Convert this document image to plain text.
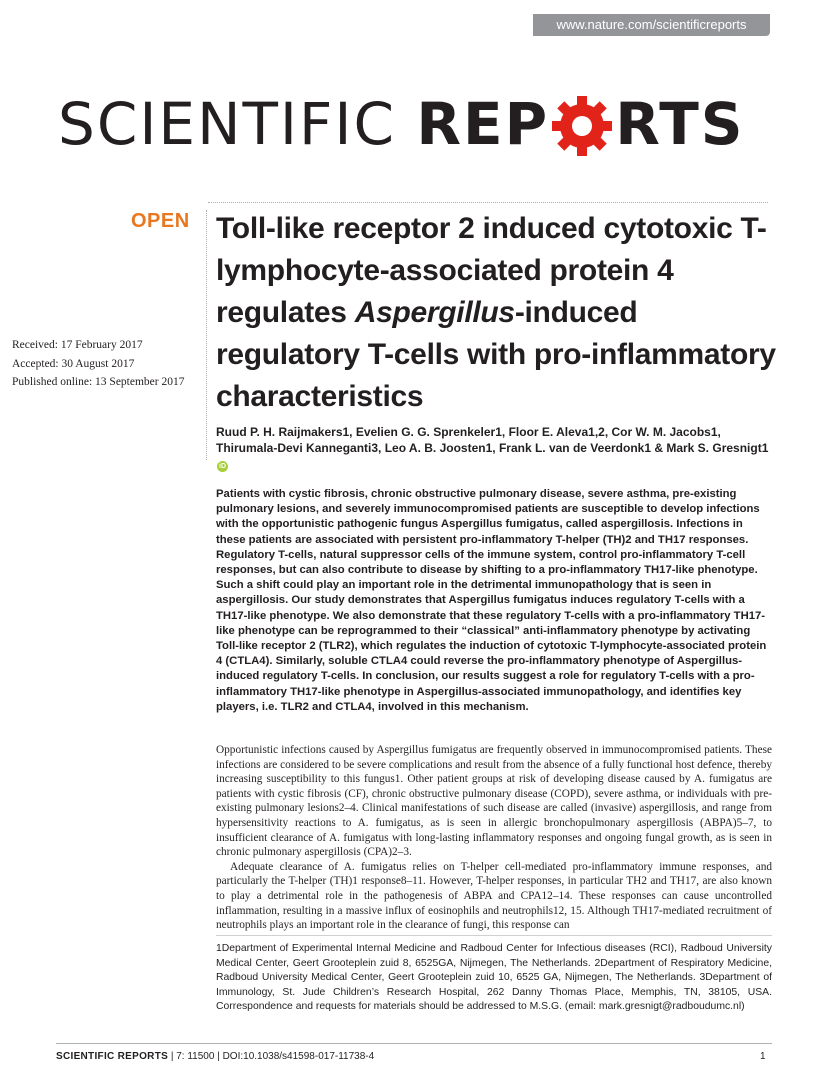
www.nature.com/scientificreports
SCIENTIFIC REP RTS
OPEN Toll-like receptor 2 induced cytotoxic T-lymphocyte-associated protein 4 regulates Aspergillus-induced regulatory T-cells with pro-inflammatory characteristics
Received: 17 February 2017
Accepted: 30 August 2017
Published online: 13 September 2017
Ruud P. H. Raijmakers1, Evelien G. G. Sprenkeler1, Floor E. Aleva1,2, Cor W. M. Jacobs1, Thirumala-Devi Kanneganti3, Leo A. B. Joosten1, Frank L. van de Veerdonk1 & Mark S. Gresnigt1iD
Patients with cystic fibrosis, chronic obstructive pulmonary disease, severe asthma, pre-existing pulmonary lesions, and severely immunocompromised patients are susceptible to develop infections with the opportunistic pathogenic fungus Aspergillus fumigatus, called aspergillosis. Infections in these patients are associated with persistent pro-inflammatory T-helper (TH)2 and TH17 responses. Regulatory T-cells, natural suppressor cells of the immune system, control pro-inflammatory T-cell responses, but can also contribute to disease by shifting to a pro-inflammatory TH17-like phenotype. Such a shift could play an important role in the detrimental immunopathology that is seen in aspergillosis. Our study demonstrates that Aspergillus fumigatus induces regulatory T-cells with a TH17-like phenotype. We also demonstrate that these regulatory T-cells with a pro-inflammatory TH17-like phenotype can be reprogrammed to their “classical” anti-inflammatory phenotype by activating Toll-like receptor 2 (TLR2), which regulates the induction of cytotoxic T-lymphocyte-associated protein 4 (CTLA4). Similarly, soluble CTLA4 could reverse the pro-inflammatory phenotype of Aspergillus-induced regulatory T-cells. In conclusion, our results suggest a role for regulatory T-cells with a pro-inflammatory TH17-like phenotype in Aspergillus-associated immunopathology, and identifies key players, i.e. TLR2 and CTLA4, involved in this mechanism.

Opportunistic infections caused by Aspergillus fumigatus are frequently observed in immunocompromised patients. These infections are considered to be severe complications and result from the absence of a fully functional host defence, thereby increasing susceptibility to this fungus1. Other patient groups at risk of developing disease caused by A. fumigatus are patients with cystic fibrosis (CF), chronic obstructive pulmonary disease (COPD), severe asthma, or individuals with pre-existing pulmonary lesions2–4. Clinical manifestations of such disease are called (invasive) aspergillosis, and range from hypersensitivity reactions to A. fumigatus, as is seen in allergic bronchopulmonary aspergillosis (ABPA)5–7, to insufficient clearance of A. fumigatus with long-lasting inflammatory responses and ongoing fungal growth, as is seen in chronic pulmonary aspergillosis (CPA)2–3.

Adequate clearance of A. fumigatus relies on T-helper cell-mediated pro-inflammatory immune responses, and particularly the T-helper (TH)1 response8–11. However, T-helper responses, in particular TH2 and TH17, are also known to play a detrimental role in the pathogenesis of ABPA and CPA12–14. These responses can cause uncontrolled inflammation, resulting in a massive influx of eosinophils and neutrophils12, 15. Although TH17-mediated recruitment of neutrophils plays an important role in the clearance of fungi, this response can

1Department of Experimental Internal Medicine and Radboud Center for Infectious diseases (RCI), Radboud University Medical Center, Geert Grooteplein zuid 8, 6525GA, Nijmegen, The Netherlands. 2Department of Respiratory Medicine, Radboud University Medical Center, Geert Grooteplein zuid 10, 6525 GA, Nijmegen, The Netherlands. 3Department of Immunology, St. Jude Children’s Research Hospital, 262 Danny Thomas Place, Memphis, TN, 38105, USA. Correspondence and requests for materials should be addressed to M.S.G. (email: mark.gresnigt@radboudumc.nl)
SCIENTIFIC REPORTS | 7: 11500 | DOI:10.1038/s41598-017-11738-4	1
